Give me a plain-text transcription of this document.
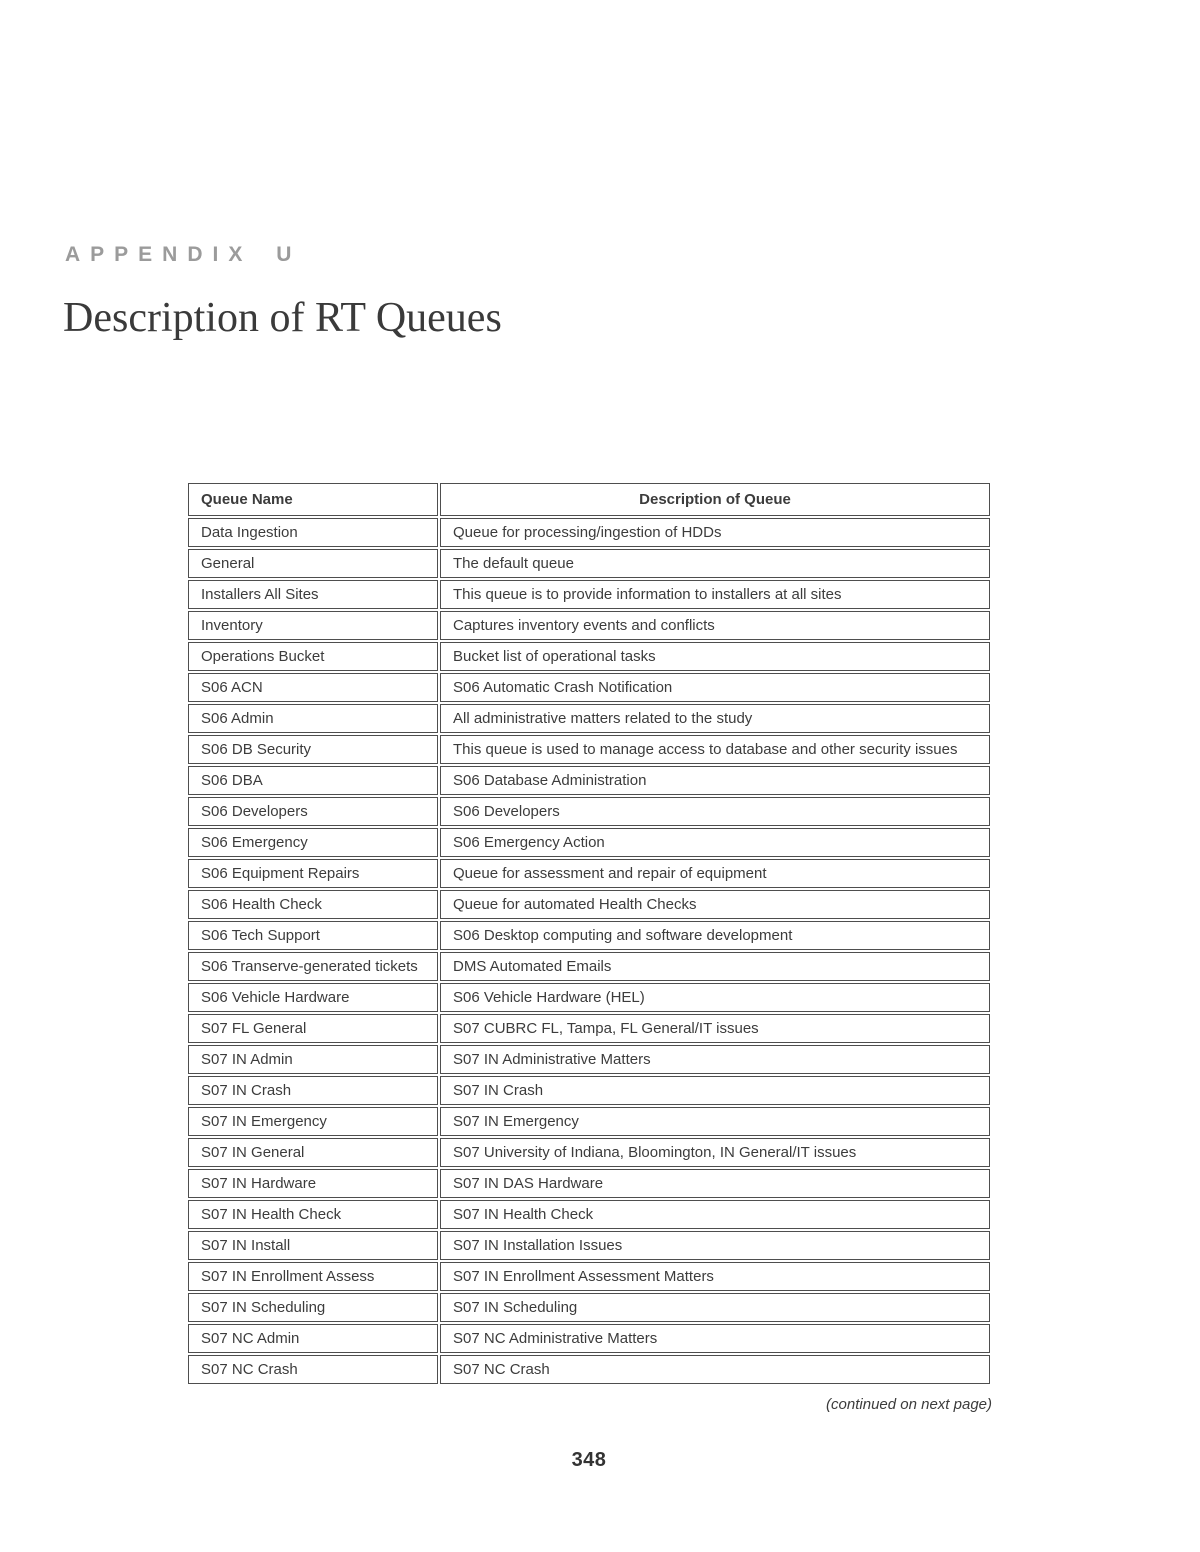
APPENDIX U
Description of RT Queues
Queue Name	Description of Queue
Data Ingestion	Queue for processing/ingestion of HDDs
General	The default queue
Installers All Sites	This queue is to provide information to installers at all sites
Inventory	Captures inventory events and conflicts
Operations Bucket	Bucket list of operational tasks
S06 ACN	S06 Automatic Crash Notification
S06 Admin	All administrative matters related to the study
S06 DB Security	This queue is used to manage access to database and other security issues
S06 DBA	S06 Database Administration
S06 Developers	S06 Developers
S06 Emergency	S06 Emergency Action
S06 Equipment Repairs	Queue for assessment and repair of equipment
S06 Health Check	Queue for automated Health Checks
S06 Tech Support	S06 Desktop computing and software development
S06 Transerve-generated tickets	DMS Automated Emails
S06 Vehicle Hardware	S06 Vehicle Hardware (HEL)
S07 FL General	S07 CUBRC FL, Tampa, FL General/IT issues
S07 IN Admin	S07 IN Administrative Matters
S07 IN Crash	S07 IN Crash
S07 IN Emergency	S07 IN Emergency
S07 IN General	S07 University of Indiana, Bloomington, IN General/IT issues
S07 IN Hardware	S07 IN DAS Hardware
S07 IN Health Check	S07 IN Health Check
S07 IN Install	S07 IN Installation Issues
S07 IN Enrollment Assess	S07 IN Enrollment Assessment Matters
S07 IN Scheduling	S07 IN Scheduling
S07 NC Admin	S07 NC Administrative Matters
S07 NC Crash	S07 NC Crash
(continued on next page)
348
